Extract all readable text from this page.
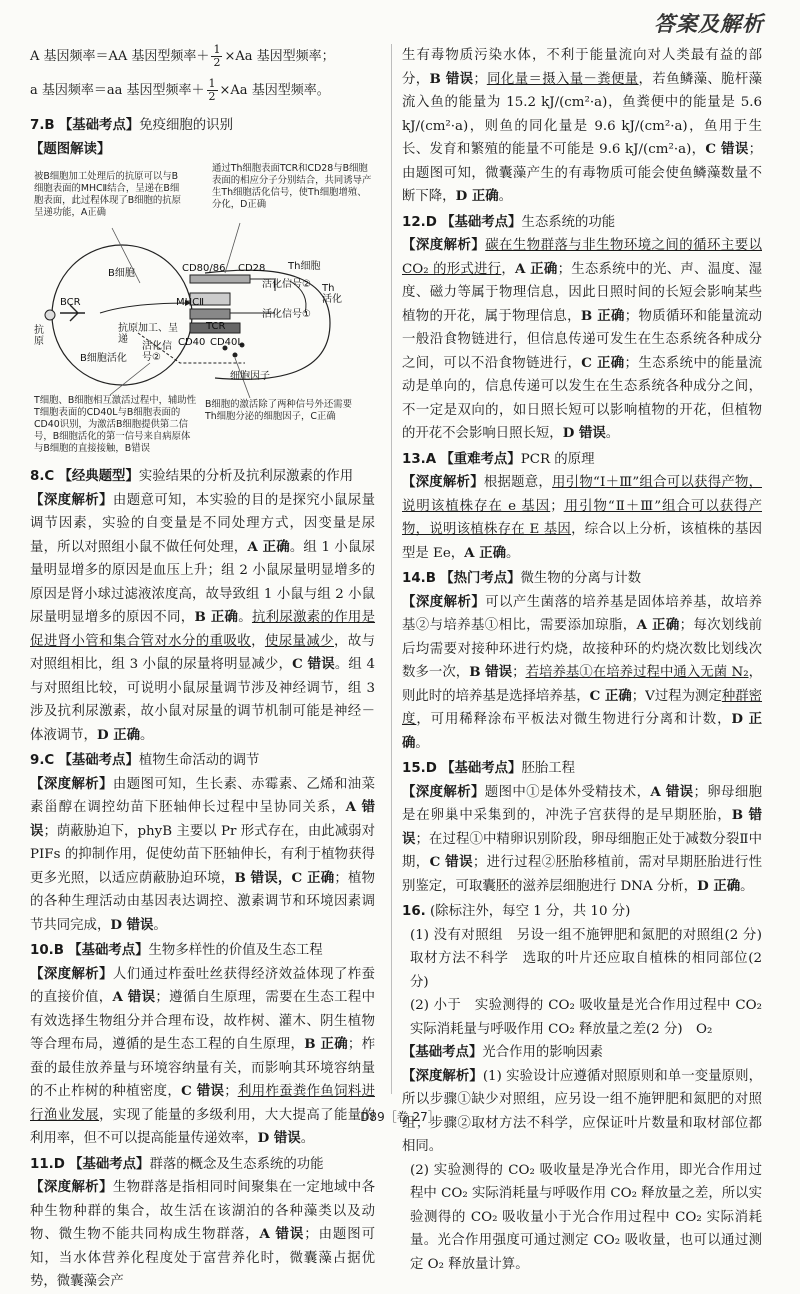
答案及解析

A 基因频率＝AA 基因型频率＋ $\frac{1}{2} \times Aa$ 基因型频率；

a 基因频率＝aa 基因型频率＋ $\frac{1}{2} \times Aa$ 基因型频率。

7.B 【基础考点】免疫细胞的识别

【题图解读】

被B细胞加工处理后的抗原可以与B细胞表面的MHCⅡ结合，呈递在B细胞表面，此过程体现了B细胞的抗原呈递功能，A正确
通过Th细胞表面TCR和CD28与B细胞表面的相应分子分别结合，共同诱导产生Th细胞活化信号，使Th细胞增殖、分化，D正确
T细胞、B细胞相互激活过程中，辅助性T细胞表面的CD40L与B细胞表面的CD40识别，为激活B细胞提供第二信号，B细胞活化的第一信号来自病原体与B细胞的直接接触，B错误
B细胞的激活除了两种信号外还需要Th细胞分泌的细胞因子，C正确
B细胞
BCR
抗原
抗原加工、呈递
CD80/86 CD28
MHCⅡ
TCR
CD40 CD40L
Th细胞
活化信号②
活化信号①
Th活化
B细胞活化
活化信号②
细胞因子

8.C 【经典题型】实验结果的分析及抗利尿激素的作用

【深度解析】由题意可知，本实验的目的是探究小鼠尿量调节因素，实验的自变量是不同处理方式，因变量是尿量，所以对照组小鼠不做任何处理，A 正确。组 1 小鼠尿量明显增多的原因是血压上升；组 2 小鼠尿量明显增多的原因是肾小球过滤液浓度高，故导致组 1 小鼠与组 2 小鼠尿量明显增多的原因不同，B 正确。抗利尿激素的作用是促进肾小管和集合管对水分的重吸收，使尿量减少，故与对照组相比，组 3 小鼠的尿量将明显减少，C 错误。组 4 与对照组比较，可说明小鼠尿量调节涉及神经调节，组 3 涉及抗利尿激素，故小鼠对尿量的调节机制可能是神经－体液调节，D 正确。

9.C 【基础考点】植物生命活动的调节

【深度解析】由题图可知，生长素、赤霉素、乙烯和油菜素甾醇在调控幼苗下胚轴伸长过程中呈协同关系，A 错误；荫蔽胁迫下，phyB 主要以 Pr 形式存在，由此减弱对 PIFs 的抑制作用，促使幼苗下胚轴伸长，有利于植物获得更多光照，以适应荫蔽胁迫环境，B 错误，C 正确；植物的各种生理活动由基因表达调控、激素调节和环境因素调节共同完成，D 错误。

10.B 【基础考点】生物多样性的价值及生态工程

【深度解析】人们通过柞蚕吐丝获得经济效益体现了柞蚕的直接价值，A 错误；遵循自生原理，需要在生态工程中有效选择生物组分并合理布设，故柞树、灌木、阴生植物等合理布局，遵循的是生态工程的自生原理，B 正确；柞蚕的最佳放养量与环境容纳量有关，而影响其环境容纳量的不止柞树的种植密度，C 错误；利用柞蚕粪作鱼饲料进行渔业发展，实现了能量的多级利用，大大提高了能量的利用率，但不可以提高能量传递效率，D 错误。

11.D 【基础考点】群落的概念及生态系统的功能

【深度解析】生物群落是指相同时间聚集在一定地域中各种生物种群的集合，故生活在该湖泊的各种藻类以及动物、微生物不能共同构成生物群落，A 错误；由题图可知，当水体营养化程度处于富营养化时，微囊藻占据优势，微囊藻会产

生有毒物质污染水体，不利于能量流向对人类最有益的部分，B 错误；同化量＝摄入量－粪便量，若鱼鳞藻、脆杆藻流入鱼的能量为 15.2 kJ/(cm²·a)，鱼粪便中的能量是 5.6 kJ/(cm²·a)，则鱼的同化量是 9.6 kJ/(cm²·a)，鱼用于生长、发育和繁殖的能量不可能是 9.6 kJ/(cm²·a)，C 错误；由题图可知，微囊藻产生的有毒物质可能会使鱼鳞藻数量不断下降，D 正确。

12.D 【基础考点】生态系统的功能

【深度解析】碳在生物群落与非生物环境之间的循环主要以 CO₂ 的形式进行，A 正确；生态系统中的光、声、温度、湿度、磁力等属于物理信息，因此日照时间的长短会影响某些植物的开花，属于物理信息，B 正确；物质循环和能量流动一般沿食物链进行，但信息传递可发生在生态系统各种成分之间，可以不沿食物链进行，C 正确；生态系统中的能量流动是单向的，信息传递可以发生在生态系统各种成分之间，不一定是双向的，如日照长短可以影响植物的开花，但植物的开花不会影响日照长短，D 错误。

13.A 【重难考点】PCR 的原理

【深度解析】根据题意，用引物“Ⅰ＋Ⅲ”组合可以获得产物，说明该植株存在 e 基因；用引物“Ⅱ＋Ⅲ”组合可以获得产物，说明该植株存在 E 基因，综合以上分析，该植株的基因型是 Ee，A 正确。

14.B 【热门考点】微生物的分离与计数

【深度解析】可以产生菌落的培养基是固体培养基，故培养基②与培养基①相比，需要添加琼脂，A 正确；每次划线前后均需要对接种环进行灼烧，故接种环的灼烧次数比划线次数多一次，B 错误；若培养基①在培养过程中通入无菌 N₂，则此时的培养基是选择培养基，C 正确；Ⅴ过程为测定种群密度，可用稀释涂布平板法对微生物进行分离和计数，D 正确。

15.D 【基础考点】胚胎工程

【深度解析】题图中①是体外受精技术，A 错误；卵母细胞是在卵巢中采集到的，冲洗子宫获得的是早期胚胎，B 错误；在过程①中精卵识别阶段，卵母细胞正处于减数分裂Ⅱ中期，C 错误；进行过程②胚胎移植前，需对早期胚胎进行性别鉴定，可取囊胚的滋养层细胞进行 DNA 分析，D 正确。

16. (除标注外，每空 1 分，共 10 分)

(1) 没有对照组　另设一组不施钾肥和氮肥的对照组(2 分)　取材方法不科学　选取的叶片还应取自植株的相同部位(2 分)

(2) 小于　实验测得的 CO₂ 吸收量是光合作用过程中 CO₂ 实际消耗量与呼吸作用 CO₂ 释放量之差(2 分)　O₂

【基础考点】光合作用的影响因素

【深度解析】(1) 实验设计应遵循对照原则和单一变量原则，所以步骤①缺少对照组，应另设一组不施钾肥和氮肥的对照组；步骤②取材方法不科学，应保证叶片数量和取材部位都相同。

(2) 实验测得的 CO₂ 吸收量是净光合作用，即光合作用过程中 CO₂ 实际消耗量与呼吸作用 CO₂ 释放量之差，所以实验测得的 CO₂ 吸收量小于光合作用过程中 CO₂ 实际消耗量。光合作用强度可通过测定 CO₂ 吸收量，也可以通过测定 O₂ 释放量计算。

D89［卷 27］
